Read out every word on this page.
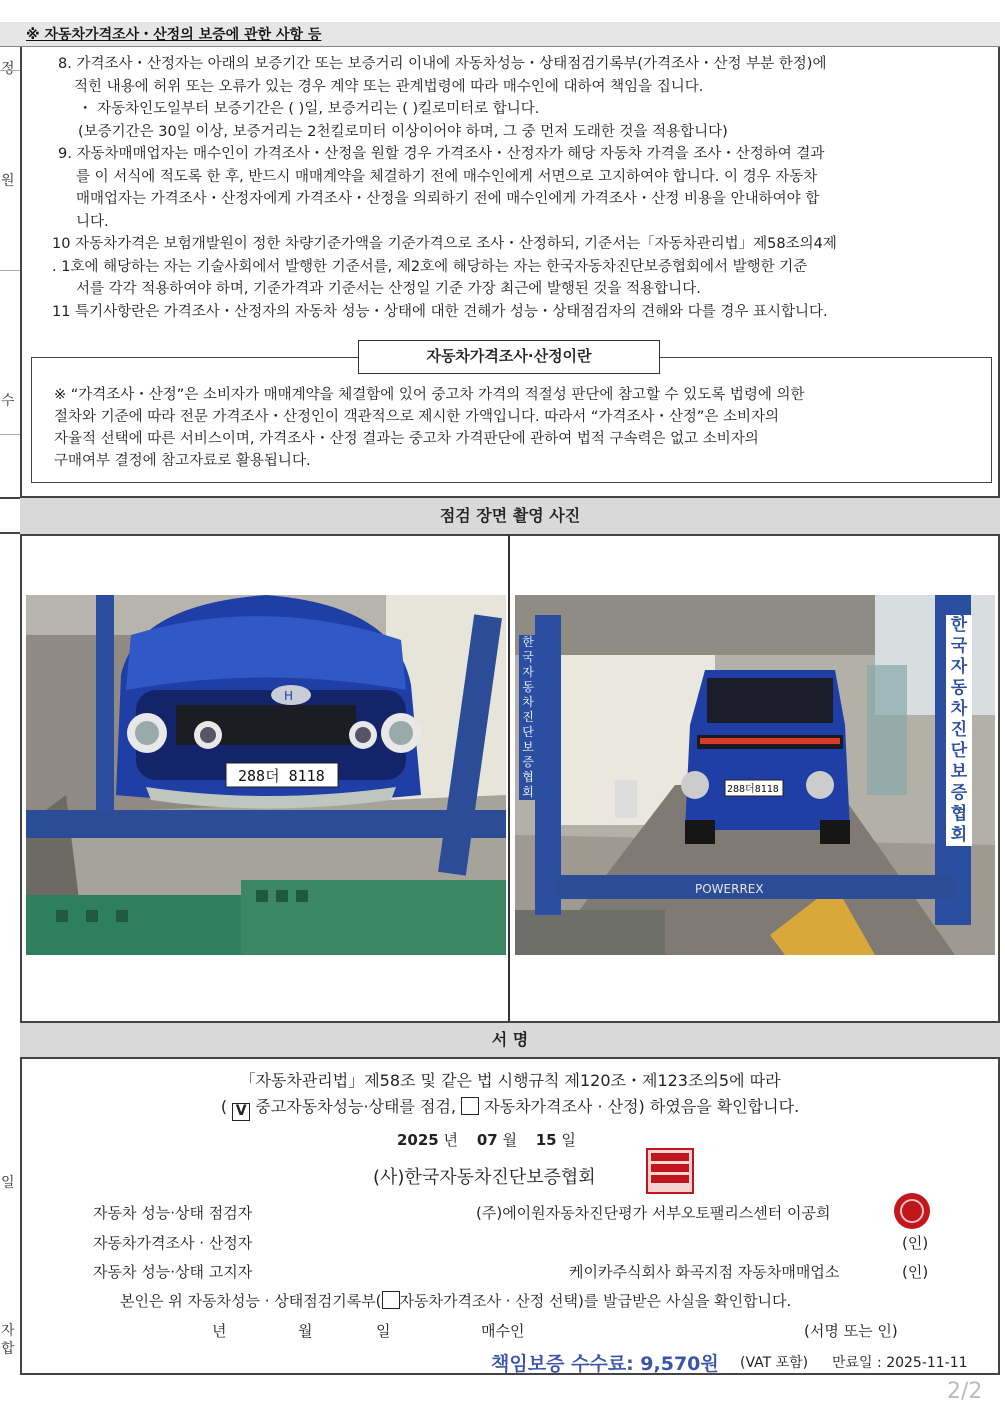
정
원
수
자
합
일
※ 자동차가격조사・산정의 보증에 관한 사항 등
8. 가격조사・산정자는 아래의 보증기간 또는 보증거리 이내에 자동차성능・상태점검기록부(가격조사・산정 부분 한정)에
적힌 내용에 허위 또는 오류가 있는 경우 계약 또는 관계법령에 따라 매수인에 대하여 책임을 집니다.
・ 자동차인도일부터 보증기간은 ( )일, 보증거리는 ( )킬로미터로 합니다.
(보증기간은 30일 이상, 보증거리는 2천킬로미터 이상이어야 하며, 그 중 먼저 도래한 것을 적용합니다)
9. 자동차매매업자는 매수인이 가격조사・산정을 원할 경우 가격조사・산정자가 해당 자동차 가격을 조사・산정하여 결과
를 이 서식에 적도록 한 후, 반드시 매매계약을 체결하기 전에 매수인에게 서면으로 고지하여야 합니다. 이 경우 자동차
매매업자는 가격조사・산정자에게 가격조사・산정을 의뢰하기 전에 매수인에게 가격조사・산정 비용을 안내하여야 합
니다.
10 자동차가격은 보험개발원이 정한 차량기준가액을 기준가격으로 조사・산정하되, 기준서는「자동차관리법」제58조의4제
. 1호에 해당하는 자는 기술사회에서 발행한 기준서를, 제2호에 해당하는 자는 한국자동차진단보증협회에서 발행한 기준
서를 각각 적용하여야 하며, 기준가격과 기준서는 산정일 기준 가장 최근에 발행된 것을 적용합니다.
11 특기사항란은 가격조사・산정자의 자동차 성능・상태에 대한 견해가 성능・상태점검자의 견해와 다를 경우 표시합니다.
자동차가격조사·산정이란
※ “가격조사・산정”은 소비자가 매매계약을 체결함에 있어 중고차 가격의 적절성 판단에 참고할 수 있도록 법령에 의한
절차와 기준에 따라 전문 가격조사・산정인이 객관적으로 제시한 가액입니다. 따라서 “가격조사・산정”은 소비자의
자율적 선택에 따른 서비스이며, 가격조사・산정 결과는 중고차 가격판단에 관하여 법적 구속력은 없고 소비자의
구매여부 결정에 참고자료로 활용됩니다.
점검 장면 촬영 사진
H
288더 8118
POWERREX
288더8118
한국자동차진단보증협회
한국자동차진단보증협회
서 명
「자동차관리법」제58조 및 같은 법 시행규칙 제120조・제123조의5에 따라
( V 중고자동차성능·상태를 점검, 자동차가격조사 · 산정) 하였음을 확인합니다.
2025 년 07 월 15 일
(사)한국자동차진단보증협회
자동차 성능·상태 점검자	(주)에이원자동차진단평가 서부오토팰리스센터 이공희
자동차가격조사 · 산정자	(인)
자동차 성능·상태 고지자	케이카주식회사 화곡지점 자동차매매업소	(인)
본인은 위 자동차성능 · 상태점검기록부( 자동차가격조사 · 산정 선택)를 발급받은 사실을 확인합니다.
년	월	일	매수인	(서명 또는 인)
책임보증 수수료: 9,570원 (VAT 포함) 만료일 : 2025-11-11
2/2
